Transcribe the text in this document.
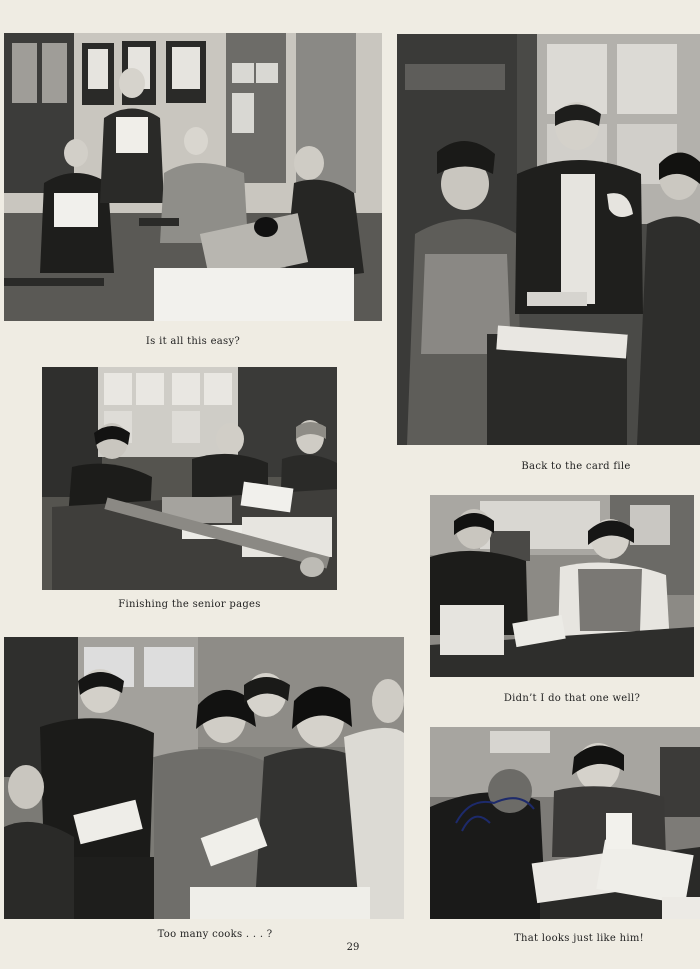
Is it all this easy?
Back to the card file
Finishing the senior pages
Didn’t I do that one well?
Too many cooks . . . ?	That looks just like him!
29
